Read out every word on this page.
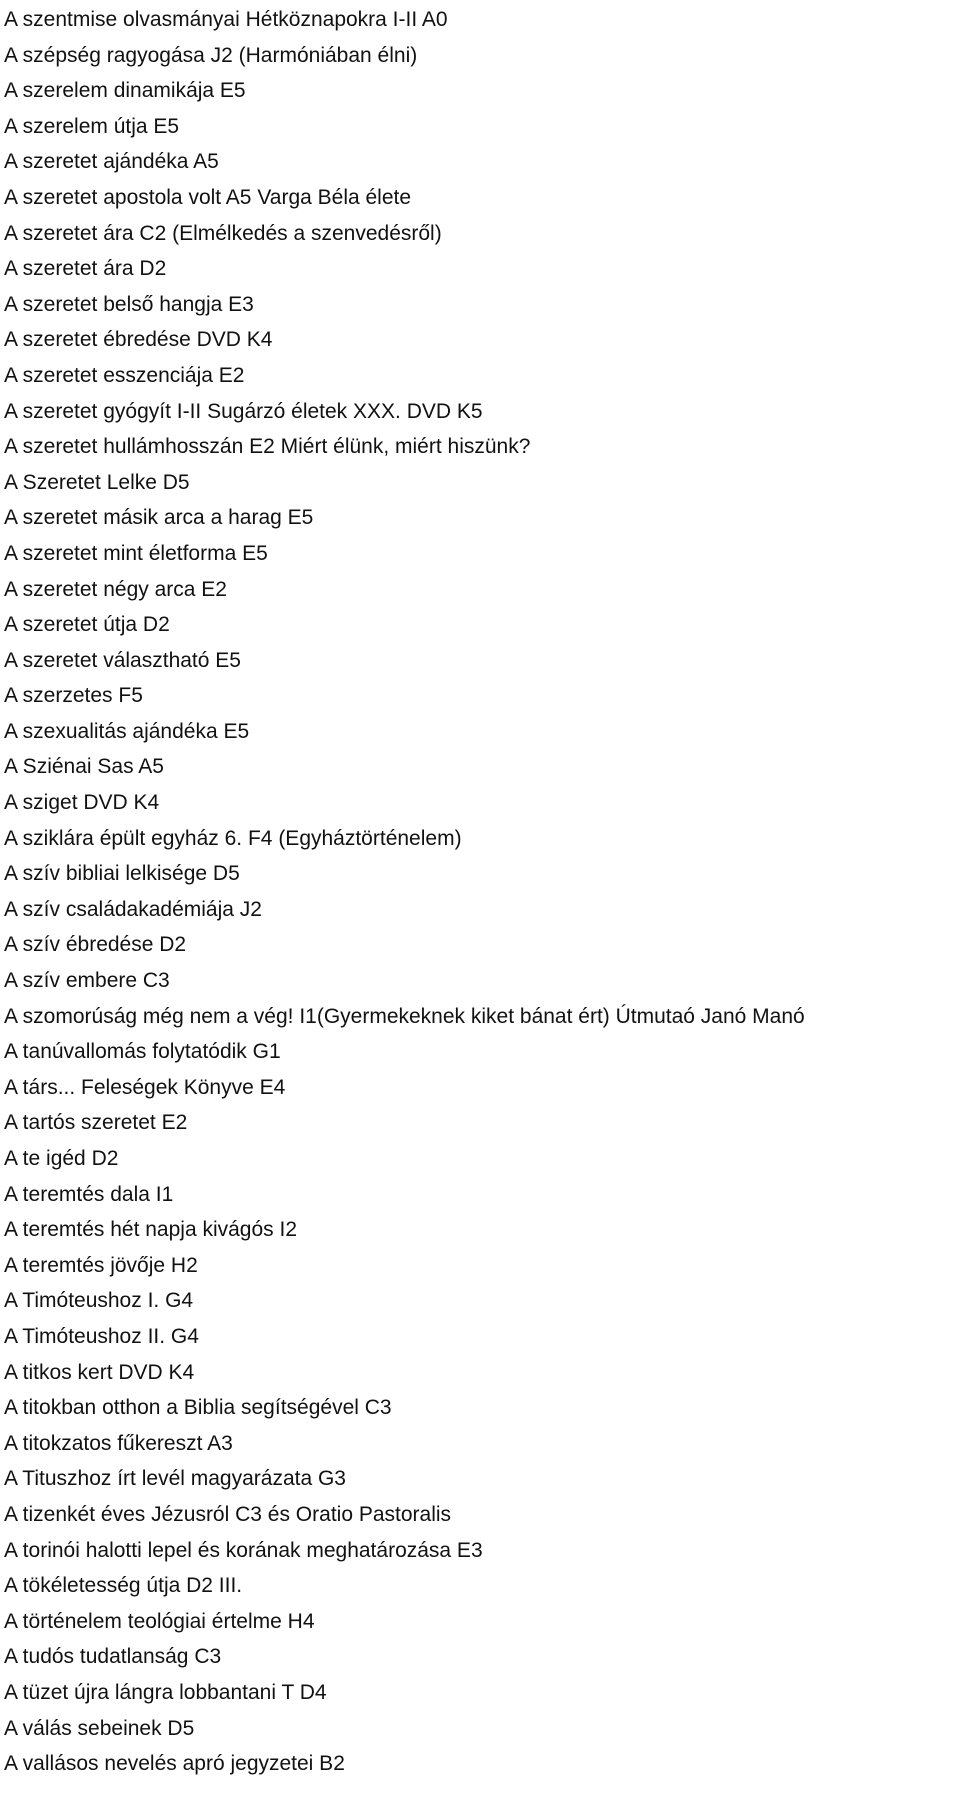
A szentmise olvasmányai Hétköznapokra I-II A0
A szépség ragyogása J2 (Harmóniában élni)
A szerelem dinamikája E5
A szerelem útja E5
A szeretet ajándéka A5
A szeretet apostola volt A5 Varga Béla élete
A szeretet ára C2 (Elmélkedés a szenvedésről)
A szeretet ára D2
A szeretet belső hangja E3
A szeretet ébredése DVD K4
A szeretet esszenciája E2
A szeretet gyógyít I-II Sugárzó életek XXX. DVD K5
A szeretet hullámhosszán E2 Miért élünk, miért hiszünk?
A Szeretet Lelke D5
A szeretet másik arca a harag E5
A szeretet mint életforma E5
A szeretet négy arca E2
A szeretet útja D2
A szeretet választható E5
A szerzetes F5
A szexualitás ajándéka E5
A Sziénai Sas A5
A sziget DVD K4
A sziklára épült egyház 6. F4 (Egyháztörténelem)
A szív bibliai lelkisége D5
A szív családakadémiája J2
A szív ébredése D2
A szív embere C3
A szomorúság még nem a vég! I1(Gyermekeknek kiket bánat ért) Útmutaó Janó Manó
A tanúvallomás folytatódik G1
A társ... Feleségek Könyve E4
A tartós szeretet E2
A te igéd D2
A teremtés dala I1
A teremtés hét napja kivágós I2
A teremtés jövője H2
A Timóteushoz I. G4
A Timóteushoz II. G4
A titkos kert DVD K4
A titokban otthon a Biblia segítségével C3
A titokzatos fűkereszt A3
A Tituszhoz írt levél magyarázata G3
A tizenkét éves Jézusról C3 és Oratio Pastoralis
A torinói halotti lepel és korának meghatározása E3
A tökéletesség útja D2 III.
A történelem teológiai értelme H4
A tudós tudatlanság C3
A tüzet újra lángra lobbantani T D4
A válás sebeinek D5
A vallásos nevelés apró jegyzetei B2
